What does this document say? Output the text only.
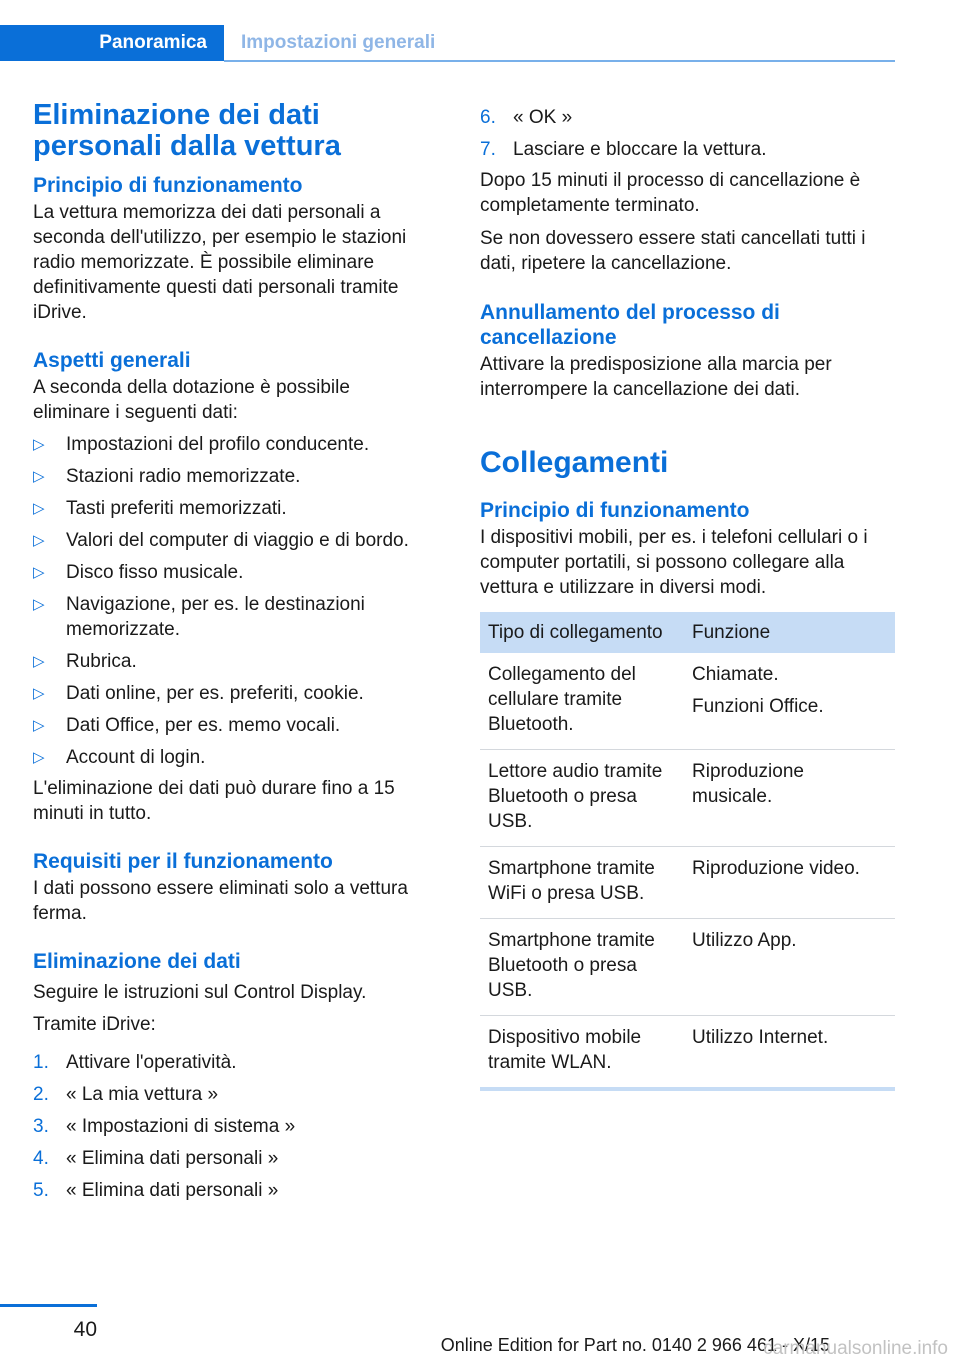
Panoramica	Impostazioni generali
Eliminazione dei dati personali dalla vettura
Principio di funzionamento

La vettura memorizza dei dati personali a seconda dell'utilizzo, per esempio le stazioni radio memorizzate. È possibile eliminare definitivamente questi dati personali tramite iDrive.

Aspetti generali

A seconda della dotazione è possibile eliminare i seguenti dati:

▷ Impostazioni del profilo conducente.
▷ Stazioni radio memorizzate.
▷ Tasti preferiti memorizzati.
▷ Valori del computer di viaggio e di bordo.
▷ Disco fisso musicale.
▷ Navigazione, per es. le destinazioni memorizzate.
▷ Rubrica.
▷ Dati online, per es. preferiti, cookie.
▷ Dati Office, per es. memo vocali.
▷ Account di login.

L'eliminazione dei dati può durare fino a 15 minuti in tutto.

Requisiti per il funzionamento

I dati possono essere eliminati solo a vettura ferma.

Eliminazione dei dati

Seguire le istruzioni sul Control Display.

Tramite iDrive:

1. Attivare l'operatività.
2. « La mia vettura »
3. « Impostazioni di sistema »
4. « Elimina dati personali »
5. « Elimina dati personali »
6. « OK »
7. Lasciare e bloccare la vettura.

Dopo 15 minuti il processo di cancellazione è completamente terminato.

Se non dovessero essere stati cancellati tutti i dati, ripetere la cancellazione.

Annullamento del processo di cancellazione

Attivare la predisposizione alla marcia per interrompere la cancellazione dei dati.

Collegamenti
Principio di funzionamento

I dispositivi mobili, per es. i telefoni cellulari o i computer portatili, si possono collegare alla vettura e utilizzare in diversi modi.

Tipo di collegamento	Funzione
Collegamento del cellulare tramite Bluetooth.	Chiamate.

Funzioni Office.

Lettore audio tramite Bluetooth o presa USB.	Riproduzione musicale.

Smartphone tramite WiFi o presa USB.	Riproduzione video.

Smartphone tramite Bluetooth o presa USB.	Utilizzo App.

Dispositivo mobile tramite WLAN.	Utilizzo Internet.

40
Online Edition for Part no. 0140 2 966 461 - X/15
carmanualsonline.info
